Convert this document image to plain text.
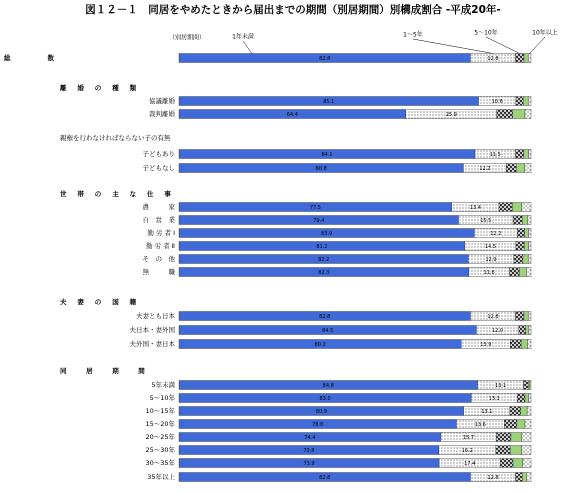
図１２－１　同居をやめたときから届出までの期間（別居期間）別構成割合 -平成20年-
（別居期間）	1年未満	1～5年	5～10年	10年以上
総　　　　数	82.8	12.8
離　婚　の　種　類
協議離婚	85.1	10.6
裁判離婚	64.4	25.9
親権を行わなければならない子の有無
子どもあり	84.1	11.5
子どもなし	80.8	12.2
世　帯　の　主　な　仕　事
農　　　家	77.5	13.4
自　営　業	79.4	15.5
勤 労 者 Ⅰ	83.9	12.2
勤 労 者 Ⅱ	81.2	14.5
そ　の　他	82.2	12.9
無　　　職	82.3	11.6
夫　妻　の　国　籍
夫妻とも日本	82.8	12.8
夫日本・妻外国	84.5	12.0
夫外国・妻日本	80.2	13.9
同　　居　　期　　間
5年未満	84.8	13.1
5～10年	83.0	13.1
10～15年	80.9	13.1
15～20年	78.8	13.6
20～25年	74.4	15.7
25～30年	73.8	16.2
30～35年	73.9	17.4
35年以上	82.8	12.8
